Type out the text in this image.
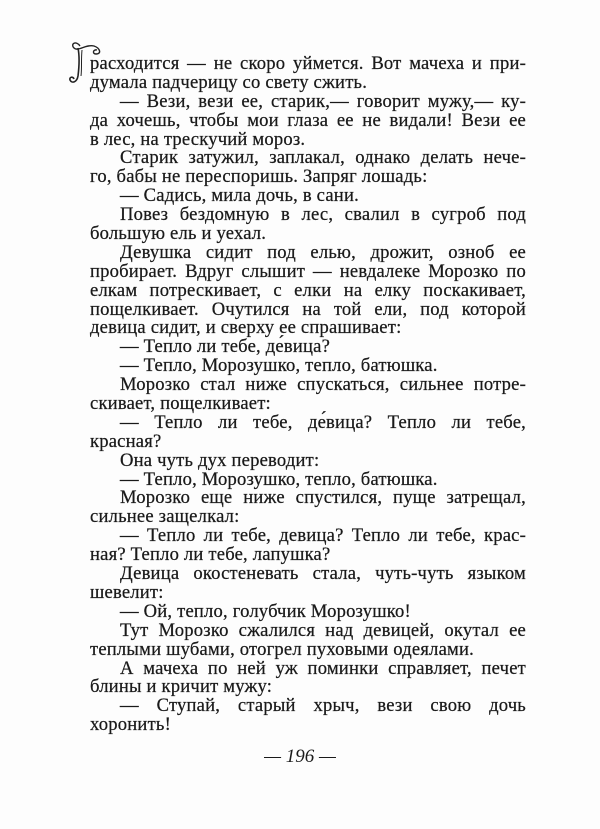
расходится — не скоро уймется. Вот мачеха и при-
думала падчерицу со свету сжить.
— Вези, вези ее, старик,— говорит мужу,— ку-
да хочешь, чтобы мои глаза ее не видали! Вези ее
в лес, на трескучий мороз.
Старик затужил, заплакал, однако делать нече-
го, бабы не переспоришь. Запряг лошадь:
— Садись, мила дочь, в сани.
Повез бездомную в лес, свалил в сугроб под
большую ель и уехал.
Девушка сидит под елью, дрожит, озноб ее
пробирает. Вдруг слышит — невдалеке Морозко по
елкам потрескивает, с елки на елку поскакивает,
пощелкивает. Очутился на той ели, под которой
девица сидит, и сверху ее спрашивает:
— Тепло ли тебе, де́вица?
— Тепло, Морозушко, тепло, батюшка.
Морозко стал ниже спускаться, сильнее потре-
скивает, пощелкивает:
— Тепло ли тебе, де́вица? Тепло ли тебе,
красная?
Она чуть дух переводит:
— Тепло, Морозушко, тепло, батюшка.
Морозко еще ниже спустился, пуще затрещал,
сильнее защелкал:
— Тепло ли тебе, девица? Тепло ли тебе, крас-
ная? Тепло ли тебе, лапушка?
Девица окостеневать стала, чуть-чуть языком
шевелит:
— Ой, тепло, голубчик Морозушко!
Тут Морозко сжалился над девицей, окутал ее
теплыми шубами, отогрел пуховыми одеялами.
А мачеха по ней уж поминки справляет, печет
блины и кричит мужу:
— Ступай, старый хрыч, вези свою дочь
хоронить!
— 196 —
